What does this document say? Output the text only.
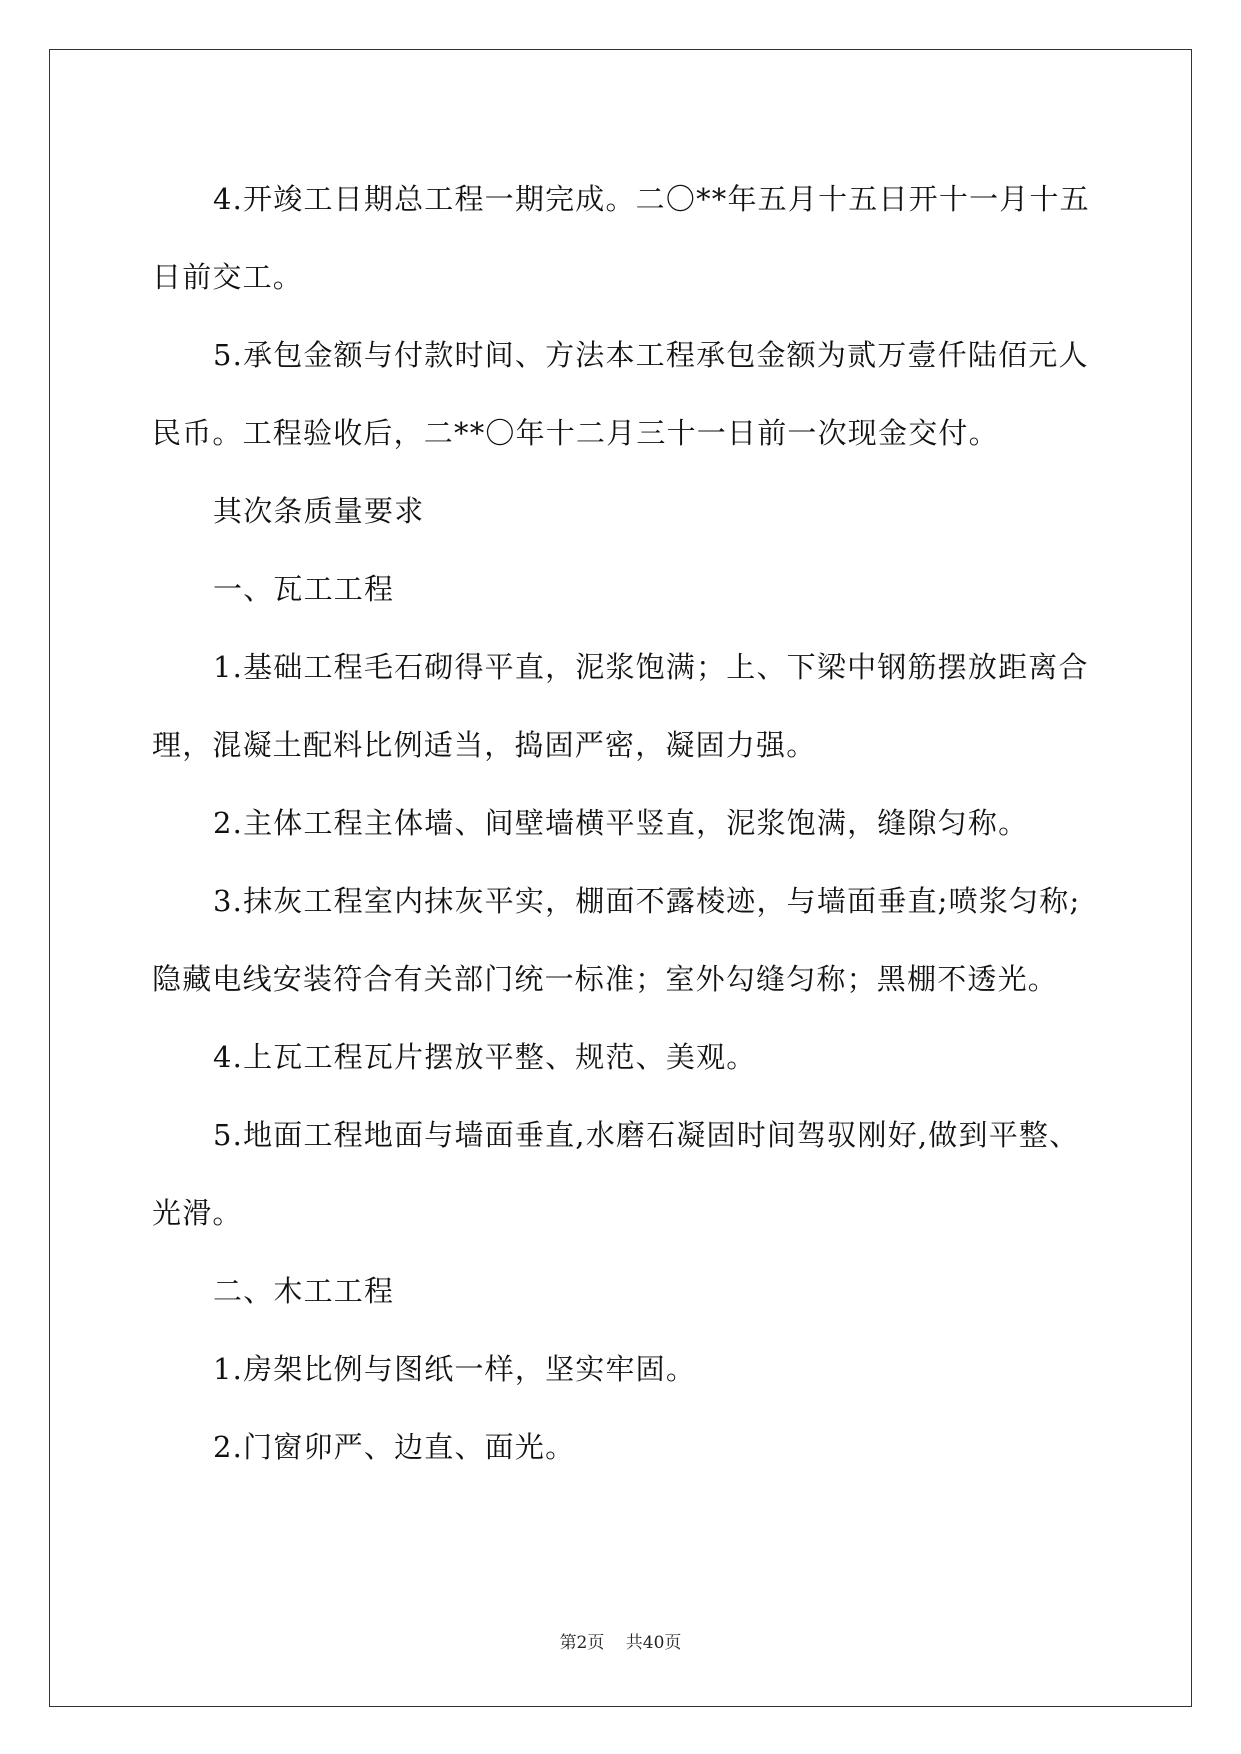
4.开竣工日期总工程一期完成。二〇**年五月十五日开十一月十五日前交工。

5.承包金额与付款时间、方法本工程承包金额为贰万壹仟陆佰元人民币。工程验收后，二**〇年十二月三十一日前一次现金交付。

其次条质量要求

一、瓦工工程

1.基础工程毛石砌得平直，泥浆饱满；上、下梁中钢筋摆放距离合理，混凝土配料比例适当，捣固严密，凝固力强。

2.主体工程主体墙、间壁墙横平竖直，泥浆饱满，缝隙匀称。

3.抹灰工程室内抹灰平实，棚面不露棱迹，与墙面垂直;喷浆匀称;隐藏电线安装符合有关部门统一标准；室外勾缝匀称；黑棚不透光。

4.上瓦工程瓦片摆放平整、规范、美观。

5.地面工程地面与墙面垂直,水磨石凝固时间驾驭刚好,做到平整、光滑。

二、木工工程

1.房架比例与图纸一样，坚实牢固。

2.门窗卯严、边直、面光。

第2页 共40页
